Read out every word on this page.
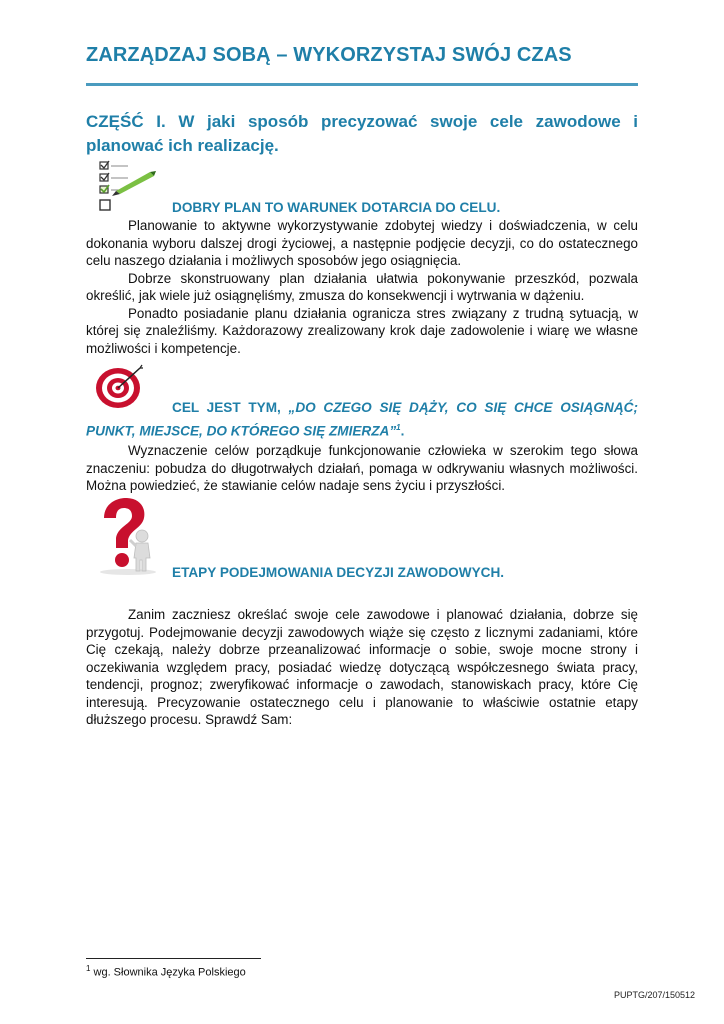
ZARZĄDZAJ SOBĄ – WYKORZYSTAJ SWÓJ CZAS
CZĘŚĆ I. W jaki sposób precyzować swoje cele zawodowe i planować ich realizację.
DOBRY PLAN TO WARUNEK DOTARCIA DO CELU.

Planowanie to aktywne wykorzystywanie zdobytej wiedzy i doświadczenia, w celu dokonania wyboru dalszej drogi życiowej, a następnie podjęcie decyzji, co do ostatecznego celu naszego działania i możliwych sposobów jego osiągnięcia.

Dobrze skonstruowany plan działania ułatwia pokonywanie przeszkód, pozwala określić, jak wiele już osiągnęliśmy, zmusza do konsekwencji i wytrwania w dążeniu.

Ponadto posiadanie planu działania ogranicza stres związany z trudną sytuacją, w której się znaleźliśmy. Każdorazowy zrealizowany krok daje zadowolenie i wiarę we własne możliwości i kompetencje.

CEL JEST TYM, „DO CZEGO SIĘ DĄŻY, CO SIĘ CHCE OSIĄGNĄĆ; PUNKT, MIEJSCE, DO KTÓREGO SIĘ ZMIERZA”$^1$.

Wyznaczenie celów porządkuje funkcjonowanie człowieka w szerokim tego słowa znaczeniu: pobudza do długotrwałych działań, pomaga w odkrywaniu własnych możliwości. Można powiedzieć, że stawianie celów nadaje sens życiu i przyszłości.

ETAPY PODEJMOWANIA DECYZJI ZAWODOWYCH.

Zanim zaczniesz określać swoje cele zawodowe i planować działania, dobrze się przygotuj. Podejmowanie decyzji zawodowych wiąże się często z licznymi zadaniami, które Cię czekają, należy dobrze przeanalizować informacje o sobie, swoje mocne strony i oczekiwania względem pracy, posiadać wiedzę dotyczącą współczesnego świata pracy, tendencji, prognoz; zweryfikować informacje o zawodach, stanowiskach pracy, które Cię interesują. Precyzowanie ostatecznego celu i planowanie to właściwie ostatnie etapy dłuższego procesu. Sprawdź Sam:

$^1$ wg. Słownika Języka Polskiego
PUPTG/207/150512
